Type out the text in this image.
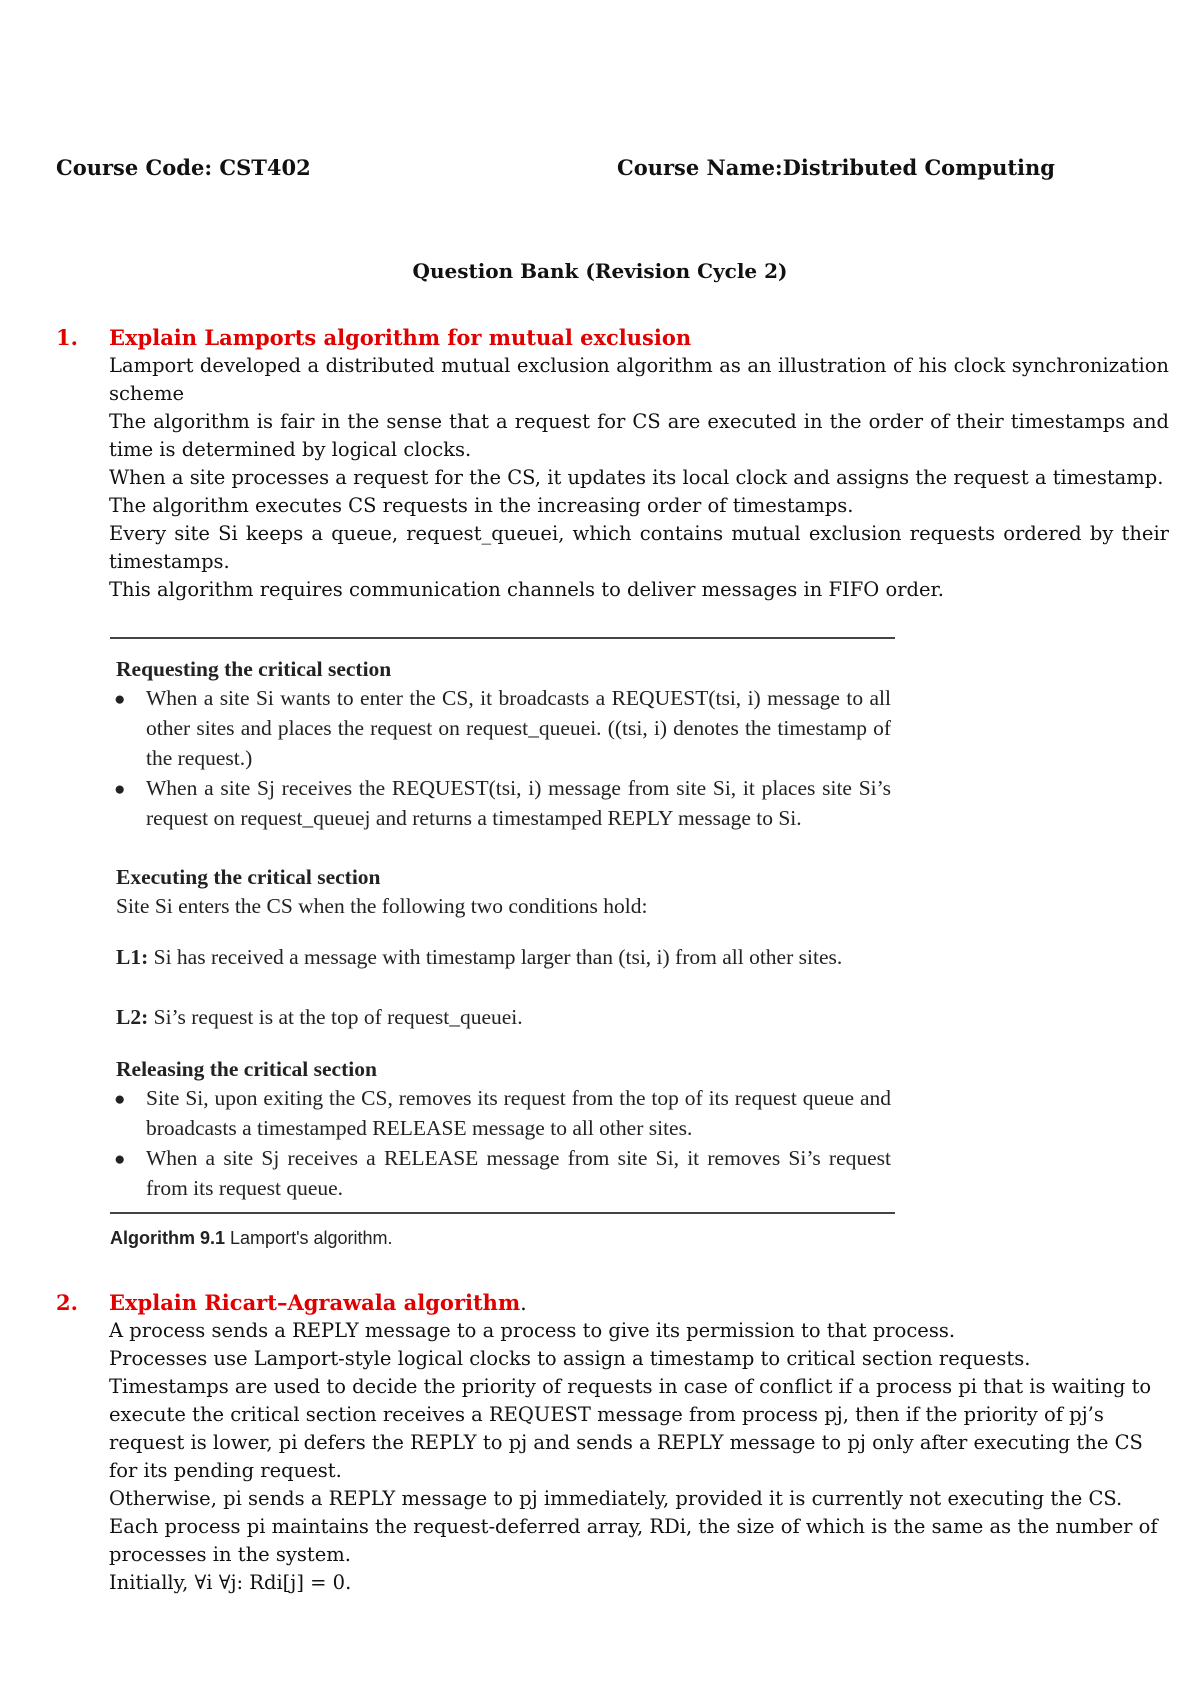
Course Code: CST402	Course Name:Distributed Computing
Question Bank (Revision Cycle 2)
1. Explain Lamports algorithm for mutual exclusion

Lamport developed a distributed mutual exclusion algorithm as an illustration of his clock synchronization scheme

The algorithm is fair in the sense that a request for CS are executed in the order of their timestamps and time is determined by logical clocks.

When a site processes a request for the CS, it updates its local clock and assigns the request a timestamp.

The algorithm executes CS requests in the increasing order of timestamps.

Every site Si keeps a queue, request_queuei, which contains mutual exclusion requests ordered by their timestamps.

This algorithm requires communication channels to deliver messages in FIFO order.

Requesting the critical section
● When a site Si wants to enter the CS, it broadcasts a REQUEST(tsi, i) message to all other sites and places the request on request_queuei. ((tsi, i) denotes the timestamp of the request.)
● When a site Sj receives the REQUEST(tsi, i) message from site Si, it places site Si’s request on request_queuej and returns a timestamped REPLY message to Si.
Executing the critical section
Site Si enters the CS when the following two conditions hold:
L1: Si has received a message with timestamp larger than (tsi, i) from all other sites.
L2: Si’s request is at the top of request_queuei.
Releasing the critical section
● Site Si, upon exiting the CS, removes its request from the top of its request queue and broadcasts a timestamped RELEASE message to all other sites.
● When a site Sj receives a RELEASE message from site Si, it removes Si’s request from its request queue.
Algorithm 9.1 Lamport's algorithm.
2. Explain Ricart–Agrawala algorithm.

A process sends a REPLY message to a process to give its permission to that process.

Processes use Lamport-style logical clocks to assign a timestamp to critical section requests.

Timestamps are used to decide the priority of requests in case of conflict if a process pi that is waiting to execute the critical section receives a REQUEST message from process pj, then if the priority of pj’s request is lower, pi defers the REPLY to pj and sends a REPLY message to pj only after executing the CS for its pending request.

Otherwise, pi sends a REPLY message to pj immediately, provided it is currently not executing the CS.

Each process pi maintains the request-deferred array, RDi, the size of which is the same as the number of processes in the system.

Initially, ∀i ∀j: Rdi[j] = 0.
